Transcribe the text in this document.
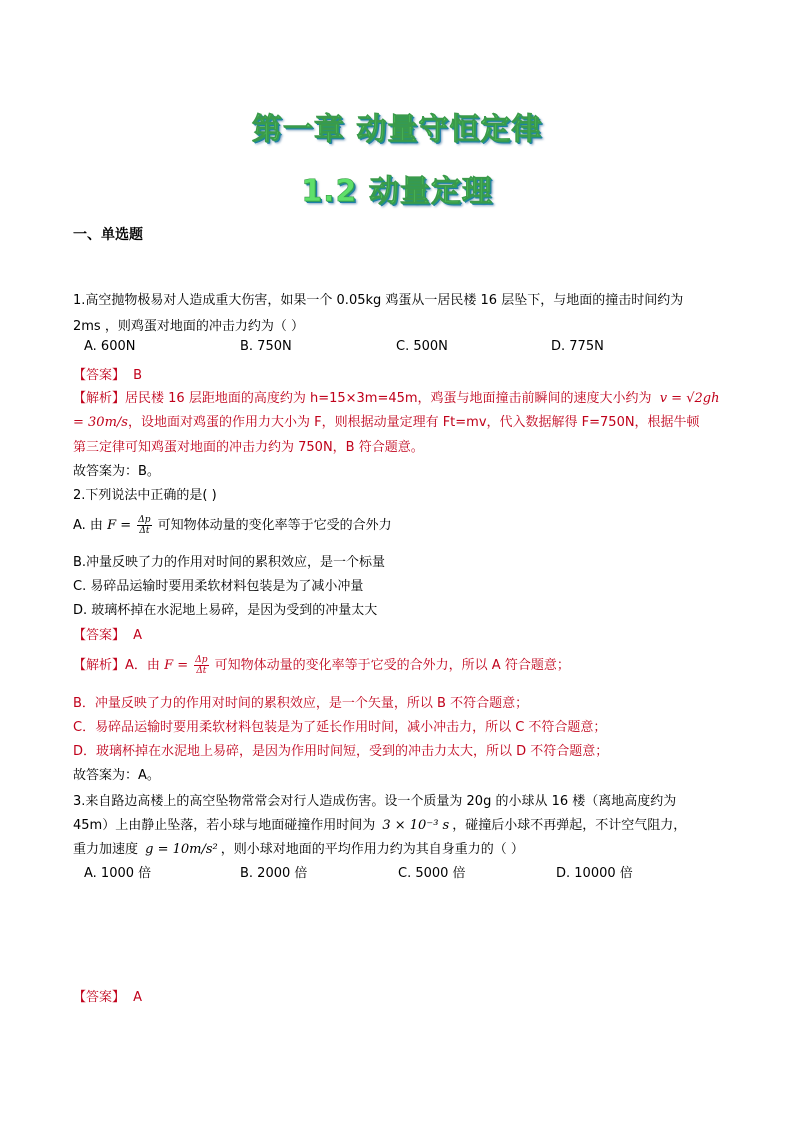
第一章 动量守恒定律
1.2 动量定理
一、单选题
1.高空抛物极易对人造成重大伤害，如果一个 0.05kg 鸡蛋从一居民楼 16 层坠下，与地面的撞击时间约为
2ms ，则鸡蛋对地面的冲击力约为（ ）
A. 600N	B. 750N	C. 500N	D. 775N
【答案】 B
【解析】居民楼 16 层距地面的高度约为 h=15×3m=45m，鸡蛋与地面撞击前瞬间的速度大小约为 v = √2gh
= 30m/s，设地面对鸡蛋的作用力大小为 F，则根据动量定理有 Ft=mv，代入数据解得 F=750N，根据牛顿
第三定律可知鸡蛋对地面的冲击力约为 750N，B 符合题意。
故答案为：B。
2.下列说法中正确的是( )
A. 由 $F = \frac{\Delta p}{\Delta t}$ 可知物体动量的变化率等于它受的合外力
B.冲量反映了力的作用对时间的累积效应，是一个标量
C. 易碎品运输时要用柔软材料包装是为了减小冲量
D. 玻璃杯掉在水泥地上易碎，是因为受到的冲量太大
【答案】 A
【解析】A．由 $F = \frac{\Delta p}{\Delta t}$ 可知物体动量的变化率等于它受的合外力，所以 A 符合题意；
B．冲量反映了力的作用对时间的累积效应，是一个矢量，所以 B 不符合题意；
C．易碎品运输时要用柔软材料包装是为了延长作用时间，减小冲击力，所以 C 不符合题意；
D．玻璃杯掉在水泥地上易碎，是因为作用时间短，受到的冲击力太大，所以 D 不符合题意；
故答案为：A。
3.来自路边高楼上的高空坠物常常会对行人造成伤害。设一个质量为 20g 的小球从 16 楼（离地高度约为
45m）上由静止坠落，若小球与地面碰撞作用时间为 3 × 10⁻³ s ，碰撞后小球不再弹起，不计空气阻力，
重力加速度 g = 10m/s² ，则小球对地面的平均作用力约为其自身重力的（ ）
A. 1000 倍	B. 2000 倍	C. 5000 倍	D. 10000 倍
【答案】 A
